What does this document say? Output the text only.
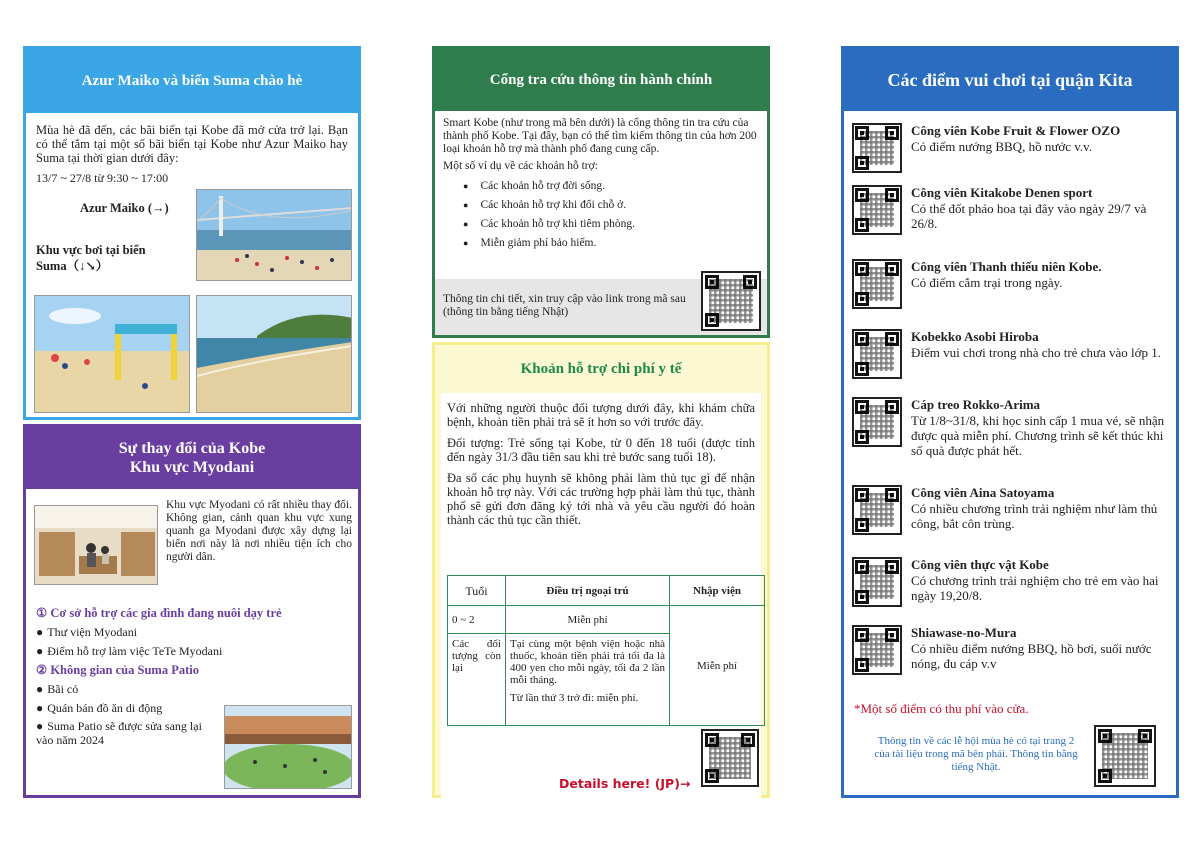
Azur Maiko và biển Suma chào hè
Mùa hè đã đến, các bãi biển tại Kobe đã mở cửa trở lại. Bạn có thể tắm tại một số bãi biển tại Kobe như Azur Maiko hay Suma tại thời gian dưới đây:
13/7 ~ 27/8 từ 9:30 ~ 17:00
Azur Maiko (→)
Khu vực bơi tại biển Suma（↓↘）
Sự thay đổi của Kobe
Khu vực Myodani
Khu vực Myodani có rất nhiều thay đổi. Không gian, cảnh quan khu vực xung quanh ga Myodani được xây dựng lại biến nơi này là nơi nhiều tiện ích cho người dân.
① Cơ sở hỗ trợ các gia đình đang nuôi dạy trẻ
● Thư viện Myodani
● Điểm hỗ trợ làm việc TeTe Myodani
② Không gian của Suma Patio
● Bãi cỏ
● Quán bán đồ ăn di động
● Suma Patio sẽ được sửa sang lại vào năm 2024
Cổng tra cứu thông tin hành chính
Smart Kobe (như trong mã bên dưới) là cổng thông tin tra cứu của thành phố Kobe. Tại đây, bạn có thể tìm kiếm thông tin của hơn 200 loại khoản hỗ trợ mà thành phố đang cung cấp.
Một số ví dụ về các khoản hỗ trợ:
● Các khoản hỗ trợ đời sống.
● Các khoản hỗ trợ khi đổi chỗ ở.
● Các khoản hỗ trợ khi tiêm phòng.
● Miễn giảm phí bảo hiểm.
Thông tin chi tiết, xin truy cập vào link trong mã sau (thông tin bằng tiếng Nhật)
Khoản hỗ trợ chi phí y tế

Với những người thuộc đối tượng dưới đây, khi khám chữa bệnh, khoản tiền phải trả sẽ ít hơn so với trước đây.

Đối tượng: Trẻ sống tại Kobe, từ 0 đến 18 tuổi (được tính đến ngày 31/3 đầu tiên sau khi trẻ bước sang tuổi 18).

Đa số các phụ huynh sẽ không phải làm thủ tục gì để nhận khoản hỗ trợ này. Với các trường hợp phải làm thủ tục, thành phố sẽ gửi đơn đăng ký tới nhà và yêu cầu người đó hoàn thành các thủ tục cần thiết.

Tuổi	Điều trị ngoại trú	Nhập viện
0 ~ 2	Miễn phí	Miễn phí
Các đối tượng còn lại	Tại cùng một bệnh viện hoặc nhà thuốc, khoản tiền phải trả tối đa là 400 yen cho mỗi ngày, tối đa 2 lần mỗi tháng.
Từ lần thứ 3 trở đi: miễn phí.	
Details here! (JP)→
Các điểm vui chơi tại quận Kita
Công viên Kobe Fruit & Flower OZO
Có điểm nướng BBQ, hồ nước v.v.
Công viên Kitakobe Denen sport
Có thể đốt pháo hoa tại đây vào ngày 29/7 và 26/8.
Công viên Thanh thiếu niên Kobe.
Có điểm cắm trại trong ngày.
Kobekko Asobi Hiroba
Điểm vui chơi trong nhà cho trẻ chưa vào lớp 1.
Cáp treo Rokko-Arima
Từ 1/8~31/8, khi học sinh cấp 1 mua vé, sẽ nhận được quà miễn phí. Chương trình sẽ kết thúc khi số quà được phát hết.
Công viên Aina Satoyama
Có nhiều chương trình trải nghiệm như làm thủ công, bắt côn trùng.
Công viên thực vật Kobe
Có chương trình trải nghiệm cho trẻ em vào hai ngày 19,20/8.
Shiawase-no-Mura
Có nhiều điểm nướng BBQ, hồ bơi, suối nước nóng, đu cáp v.v
*Một số điểm có thu phí vào cửa.
Thông tin về các lễ hội mùa hè có tại trang 2 của tài liệu trong mã bên phải. Thông tin bằng tiếng Nhật.
